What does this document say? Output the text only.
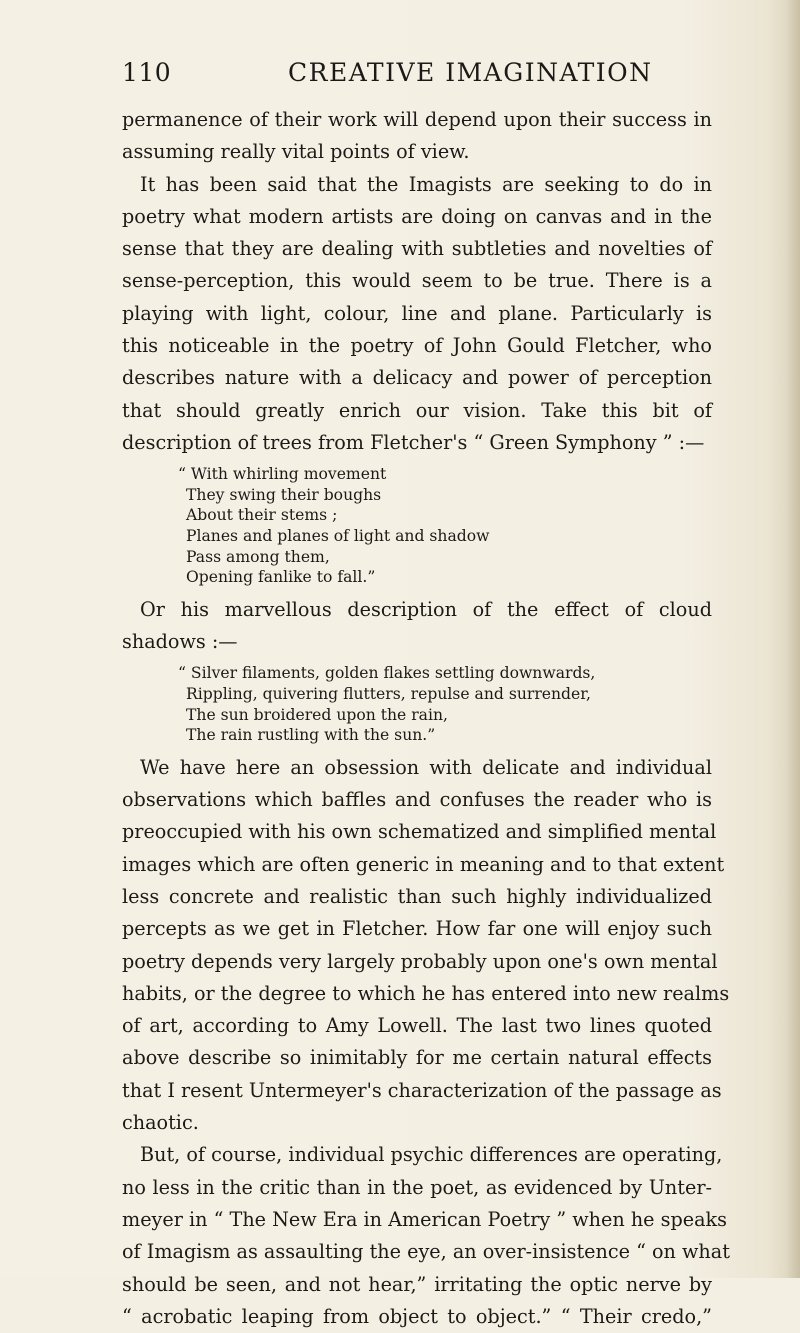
110	CREATIVE IMAGINATION
permanence of their work will depend upon their success in
assuming really vital points of view.
It has been said that the Imagists are seeking to do in
poetry what modern artists are doing on canvas and in the
sense that they are dealing with subtleties and novelties of
sense-perception, this would seem to be true. There is a
playing with light, colour, line and plane. Particularly is
this noticeable in the poetry of John Gould Fletcher, who
describes nature with a delicacy and power of perception
that should greatly enrich our vision. Take this bit of
description of trees from Fletcher's “ Green Symphony ” :—
“ With whirling movement
They swing their boughs
About their stems ;
Planes and planes of light and shadow
Pass among them,
Opening fanlike to fall.”
Or his marvellous description of the effect of cloud
shadows :—
“ Silver filaments, golden flakes settling downwards,
Rippling, quivering flutters, repulse and surrender,
The sun broidered upon the rain,
The rain rustling with the sun.”
We have here an obsession with delicate and individual
observations which baffles and confuses the reader who is
preoccupied with his own schematized and simplified mental
images which are often generic in meaning and to that extent
less concrete and realistic than such highly individualized
percepts as we get in Fletcher. How far one will enjoy such
poetry depends very largely probably upon one's own mental
habits, or the degree to which he has entered into new realms
of art, according to Amy Lowell. The last two lines quoted
above describe so inimitably for me certain natural effects
that I resent Untermeyer's characterization of the passage as
chaotic.
But, of course, individual psychic differences are operating,
no less in the critic than in the poet, as evidenced by Unter-
meyer in “ The New Era in American Poetry ” when he speaks
of Imagism as assaulting the eye, an over-insistence “ on what
should be seen, and not hear,” irritating the optic nerve by
“ acrobatic leaping from object to object.” “ Their credo,”
